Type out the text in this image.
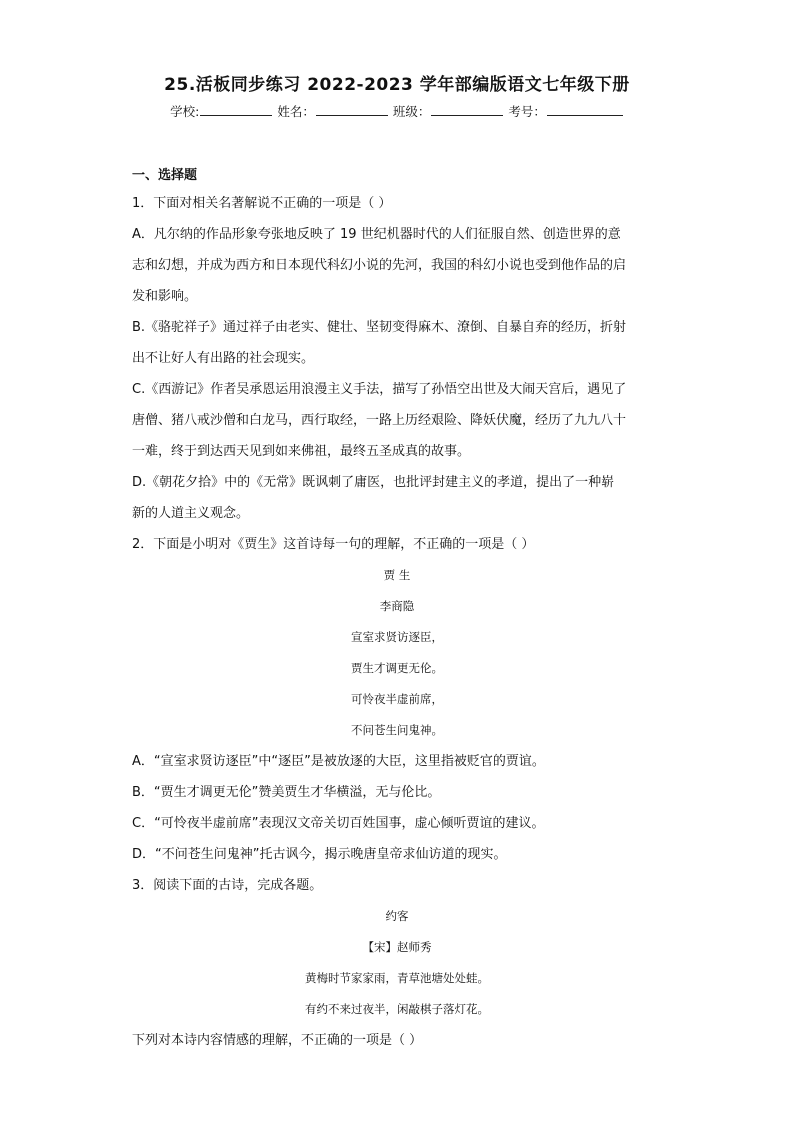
25.活板同步练习 2022-2023 学年部编版语文七年级下册
学校:	姓名：	班级：	考号：
一、选择题
1．下面对相关名著解说不正确的一项是（ ）
A．凡尔纳的作品形象夸张地反映了 19 世纪机器时代的人们征服自然、创造世界的意
志和幻想，并成为西方和日本现代科幻小说的先河，我国的科幻小说也受到他作品的启
发和影响。
B.《骆驼祥子》通过祥子由老实、健壮、坚韧变得麻木、潦倒、自暴自弃的经历，折射
出不让好人有出路的社会现实。
C.《西游记》作者吴承恩运用浪漫主义手法，描写了孙悟空出世及大闹天宫后，遇见了
唐僧、猪八戒沙僧和白龙马，西行取经，一路上历经艰险、降妖伏魔，经历了九九八十
一难，终于到达西天见到如来佛祖，最终五圣成真的故事。
D.《朝花夕拾》中的《无常》既讽刺了庸医，也批评封建主义的孝道，提出了一种崭
新的人道主义观念。
2．下面是小明对《贾生》这首诗每一句的理解，不正确的一项是（ ）
贾 生
李商隐
宣室求贤访逐臣，
贾生才调更无伦。
可怜夜半虚前席，
不问苍生问鬼神。
A．“宣室求贤访逐臣”中“逐臣”是被放逐的大臣，这里指被贬官的贾谊。
B．“贾生才调更无伦”赞美贾生才华横溢，无与伦比。
C．“可怜夜半虚前席”表现汉文帝关切百姓国事，虚心倾听贾谊的建议。
D．“不问苍生问鬼神”托古讽今，揭示晚唐皇帝求仙访道的现实。
3．阅读下面的古诗，完成各题。
约客
【宋】赵师秀
黄梅时节家家雨，青草池塘处处蛙。
有约不来过夜半，闲敲棋子落灯花。
下列对本诗内容情感的理解，不正确的一项是（ ）
